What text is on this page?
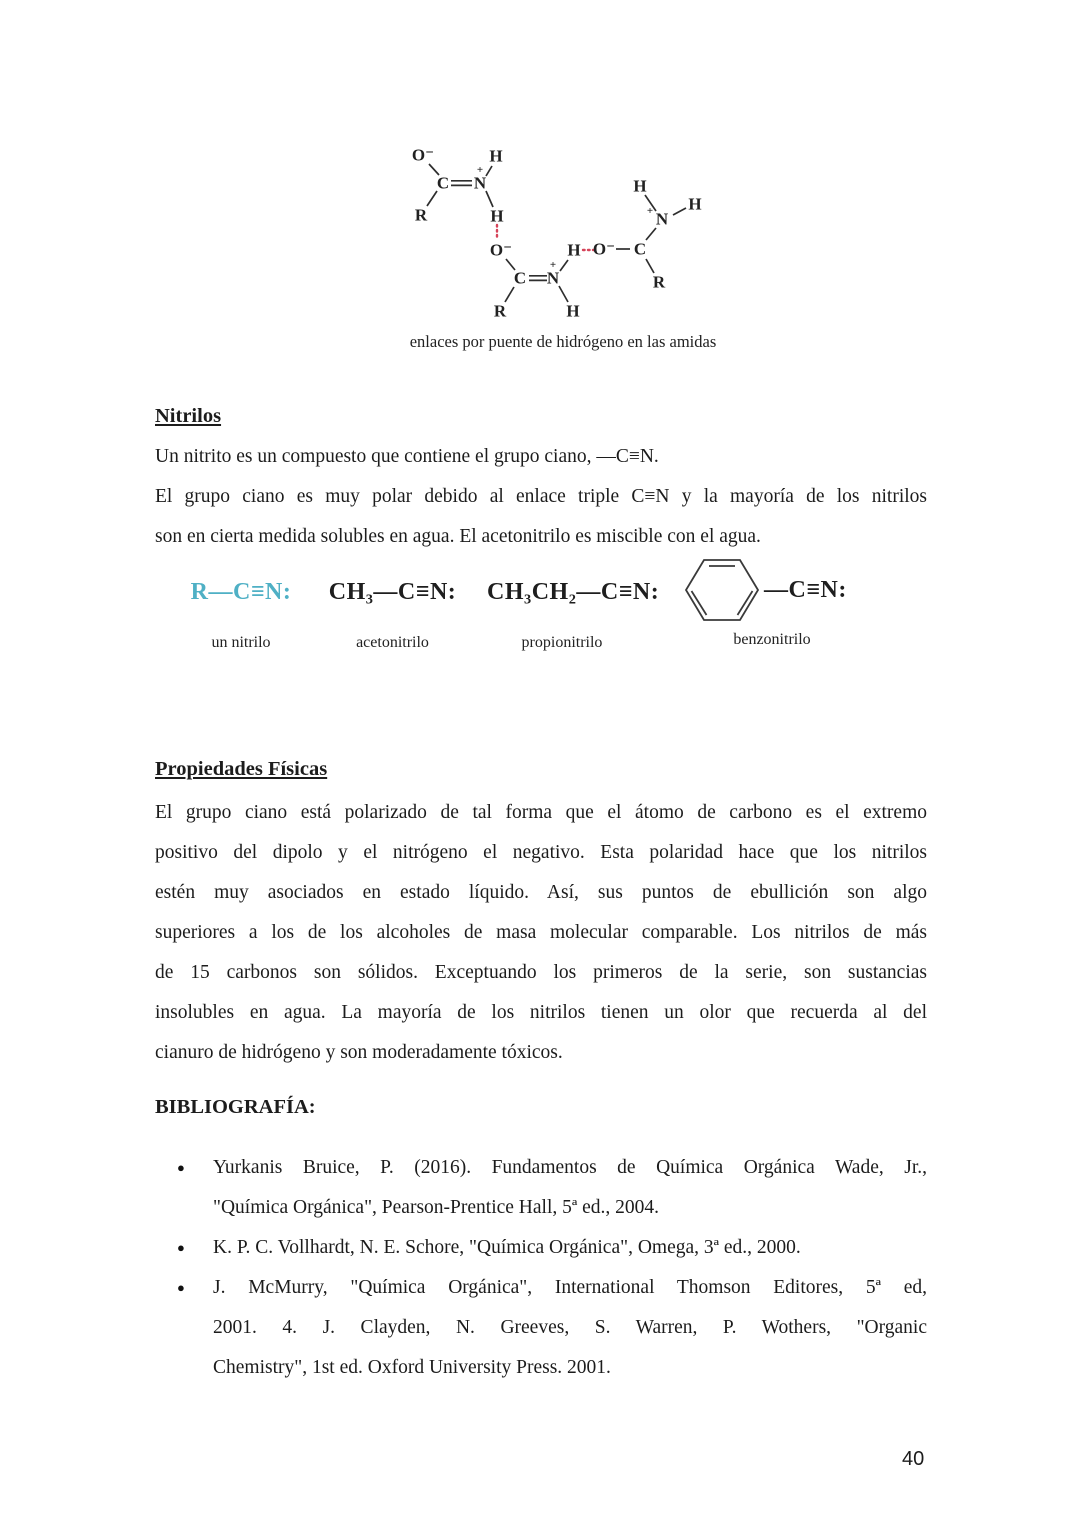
O⁻	H
C
+
N
R	H
O⁻
C
+
N
R	H
H
H
H
+ N
O⁻ C
R
enlaces por puente de hidrógeno en las amidas
Nitrilos
Un nitrito es un compuesto que contiene el grupo ciano, —C≡N.
El grupo ciano es muy polar debido al enlace triple C≡N y la mayoría de los nitrilos
son en cierta medida solubles en agua. El acetonitrilo es miscible con el agua.
R—C≡N:
un nitrilo
CH₃—C≡N:
acetonitrilo
CH₃CH₂—C≡N:
propionitrilo
—C≡N:
benzonitrilo
Propiedades Físicas
El grupo ciano está polarizado de tal forma que el átomo de carbono es el extremo
positivo del dipolo y el nitrógeno el negativo. Esta polaridad hace que los nitrilos
estén muy asociados en estado líquido. Así, sus puntos de ebullición son algo
superiores a los de los alcoholes de masa molecular comparable. Los nitrilos de más
de 15 carbonos son sólidos. Exceptuando los primeros de la serie, son sustancias
insolubles en agua. La mayoría de los nitrilos tienen un olor que recuerda al del
cianuro de hidrógeno y son moderadamente tóxicos.
BIBLIOGRAFÍA:
●	Yurkanis Bruice, P. (2016). Fundamentos de Química Orgánica Wade, Jr.,
"Química Orgánica", Pearson-Prentice Hall, 5ª ed., 2004.
●	K. P. C. Vollhardt, N. E. Schore, "Química Orgánica", Omega, 3ª ed., 2000.
●	J. McMurry, "Química Orgánica", International Thomson Editores, 5ª ed,
2001. 4. J. Clayden, N. Greeves, S. Warren, P. Wothers, "Organic
Chemistry", 1st ed. Oxford University Press. 2001.
40
